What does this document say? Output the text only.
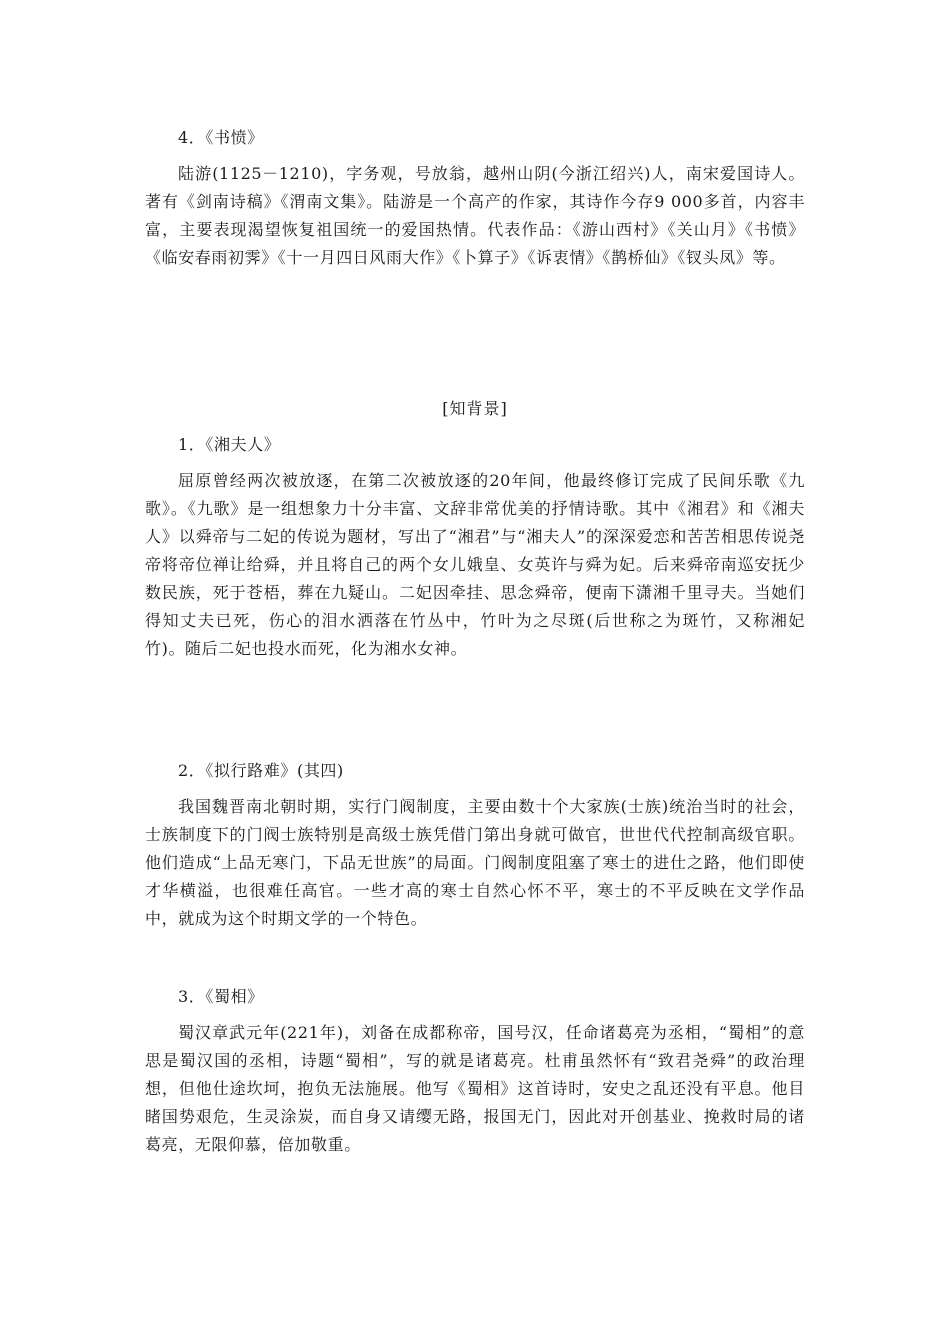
4．《书愤》
陆游(1125－1210)，字务观，号放翁，越州山阴(今浙江绍兴)人，南宋爱国诗人。著有《剑南诗稿》《渭南文集》。陆游是一个高产的作家，其诗作今存9 000多首，内容丰富，主要表现渴望恢复祖国统一的爱国热情。代表作品：《游山西村》《关山月》《书愤》《临安春雨初霁》《十一月四日风雨大作》《卜算子》《诉衷情》《鹊桥仙》《钗头凤》等。
[知背景]
1．《湘夫人》
屈原曾经两次被放逐，在第二次被放逐的20年间，他最终修订完成了民间乐歌《九歌》。《九歌》是一组想象力十分丰富、文辞非常优美的抒情诗歌。其中《湘君》和《湘夫人》以舜帝与二妃的传说为题材，写出了“湘君”与“湘夫人”的深深爱恋和苦苦相思传说尧帝将帝位禅让给舜，并且将自己的两个女儿娥皇、女英许与舜为妃。后来舜帝南巡安抚少数民族，死于苍梧，葬在九疑山。二妃因牵挂、思念舜帝，便南下潇湘千里寻夫。当她们得知丈夫已死，伤心的泪水洒落在竹丛中，竹叶为之尽斑(后世称之为斑竹，又称湘妃竹)。随后二妃也投水而死，化为湘水女神。
2．《拟行路难》(其四)
我国魏晋南北朝时期，实行门阀制度，主要由数十个大家族(士族)统治当时的社会，士族制度下的门阀士族特别是高级士族凭借门第出身就可做官，世世代代控制高级官职。他们造成“上品无寒门，下品无世族”的局面。门阀制度阻塞了寒士的进仕之路，他们即使才华横溢，也很难任高官。一些才高的寒士自然心怀不平，寒士的不平反映在文学作品中，就成为这个时期文学的一个特色。
3．《蜀相》
蜀汉章武元年(221年)，刘备在成都称帝，国号汉，任命诸葛亮为丞相，“蜀相”的意思是蜀汉国的丞相，诗题“蜀相”，写的就是诸葛亮。杜甫虽然怀有“致君尧舜”的政治理想，但他仕途坎坷，抱负无法施展。他写《蜀相》这首诗时，安史之乱还没有平息。他目睹国势艰危，生灵涂炭，而自身又请缨无路，报国无门，因此对开创基业、挽救时局的诸葛亮，无限仰慕，倍加敬重。
